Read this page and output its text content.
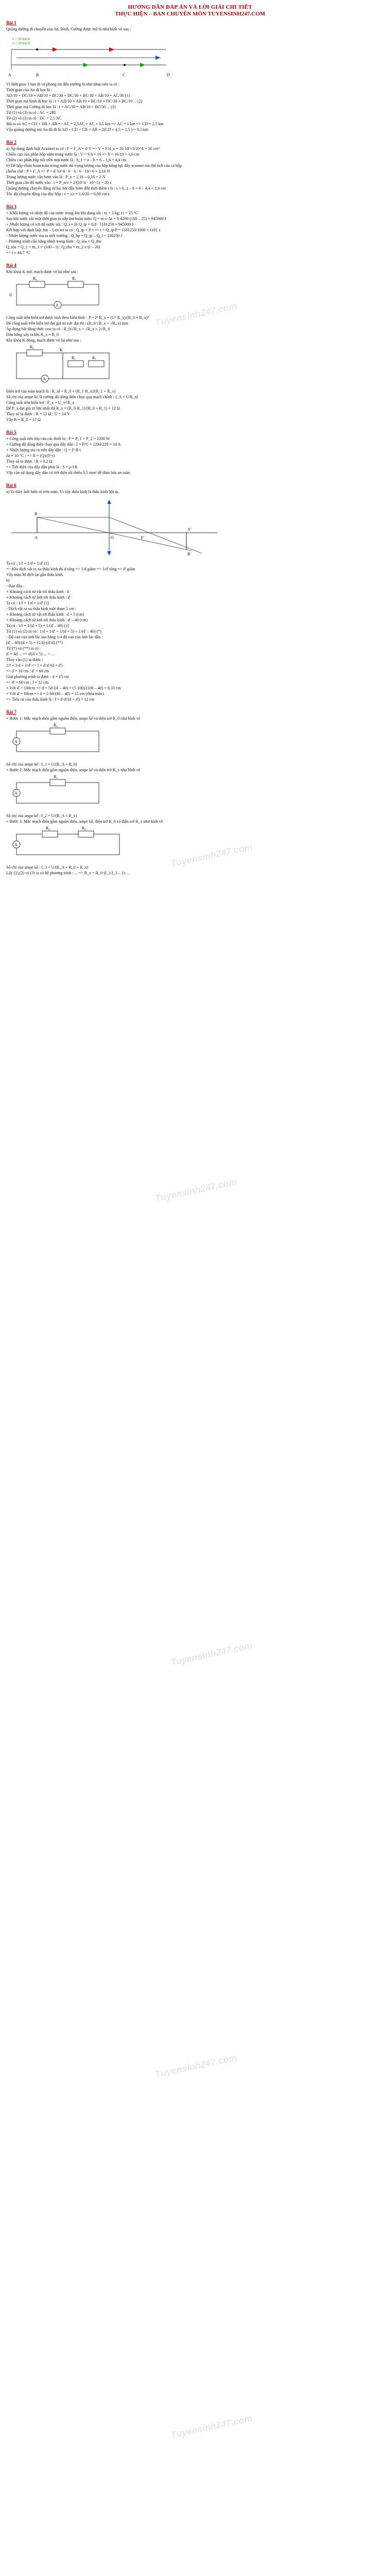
Tuyensinh247.com
Tuyensinh247.com
Tuyensinh247.com
Tuyensinh247.com
Tuyensinh247.com
Tuyensinh247.com
HƯỚNG DẪN ĐÁP ÁN VÀ LỜI GIẢI CHI TIẾT
THỰC HIỆN – BAN CHUYÊN MÔN TUYENSINH247.COM
Bài 1

Quãng đường đi chuyển của An, Bình, Cường được mô tả như hình vẽ sau :

v = 10 km/h
v = 30 km/h
A	B	C	D

Vì thời gian 3 bạn đi và phòng tin đến trường là như nhau nên ta có :

Thời gian của An đi học là :

AD/10 = DC/10 + AB/10 = BC/30 + DC/30 + BC/30 + AB/10 = AC/30 (1)

Thời gian mà bình đi học là : t = AD/10 = AB/10 + BC/10 + DC/30 + BC/10 ... (2)

Thời gian mà Cường đi học là : t = AC/30 = AB/10 + BC/30 ... (3)

Từ (1) và (3) ta có : AC = 2BI

Từ (2) và (3) ta có : DC = 2,5 AC

Mà ta có AC = CD + DB + AB => AC = 2,5AC + AC + 0,5 km => AC = 1 km => CD = 2,5 km

Vậy quãng đường mà An đã đi là AD = CD + CB + AB = 2(CD + 4,5 + 2,5 ) = 9,5 km

Bài 2

a) Áp dụng định luật Acsimet ta có : F = F_A = d·V => V = F/d_n = 16·10^-3/10^4 = 16 cm³

Chiều cao của phần hộp nằm trong nước là : V = S.h = 16 => h = 16/10 = 1,6 cm

Chiều cao phần hộp nổi trên mặt nước là : h_1 = a – h = 6 – 1,6 = 4,4 cm

b) Để hộp chìm hoàn toàn trong nước thì trọng lượng của hộp bằng lực đẩy acsimet mà thể tích của cả hộp

chiếm chỗ : P = F_A => P = d·10^4 · 6 · 6 · 6 · 10^-6 = 2,16 N

Trọng lượng nước cần bơm vào là : P_n = 2,16 – 0,16 = 2 N

Thời gian cần đổ nước vào : t = P_n/v = 2/(10^4 · 10^-5) = 20 s

Quãng đường chuyển động từ lúc bắt đầu bơm đến thời điểm t là : s = h_1 – h = 6 – 4,4 = 1,6 cm

Tốc độ chuyển động của đáy hộp : v = s/t = 1,6/20 = 0,08 cm/s

Bài 3

+ Khối lượng và nhiệt độ của nước trong ấm khi đang sôi : m = 3 kg; t1 = 25 °C

Sau khi nước sôi một thời gian ta nắp ấm hoàn toàn: Q = m·c·Δt = 3·4200·(100 – 25) = 945000 J

+ Nhiệt lượng có ích để nước sôi : Q_i = H·Q_tp = 0,8 · 1181250 = 945000 J

Kết hợp với định luật Jun – Len xơ ta có : Q_tp = P·t => t = Q_tp/P = 1181250/1000 ≈ 1181 s

- Nhiệt lượng nước tỏa ra môi trường : Q_hp = Q_tp – Q_i = 236250 J

- Phương trình cân bằng nhiệt trong bình : Q_toa = Q_thu

Q_toa = Q_1 = m_1·c·(100 – t) ; Q_thu = m_2·c·(t – 20)

=> t ≈ 44,7 °C

Bài 4

Khi khóa K mở, mạch được vẽ lại như sau :

A
R₀	Rₓ
U

Công suất trên biến trở được tính theo biểu thức : P = I²·R_x = (U²·R_x)/(R_0 + R_x)²

Để công suất trên biến trở đạt giá trị cực đại thì : (R_0/√R_x + √R_x) min

Áp dụng bất đẳng thức cosi ta có : R_0/√R_x + √R_x ≥ 2√R_0

Dấu bằng xảy ra khi R_x = R_0

Khi khóa K đóng, mạch được vẽ lại như sau :

A
R₀
R₁	Rₓ
K

Điện trở của toàn mạch là : R_td = R_0 + (R_1·R_x)/(R_1 + R_x)

Số chỉ của ampe kế là cường độ dòng điện chạy qua mạch chính : I_A = U/R_td

Công suất trên biến trở : P_x = U_x²/R_x

Để P_x đạt giá trị lớn nhất thì R_x = (R_0·R_1)/(R_0 + R_1) = 12 Ω

Thay số ta được : R = 12 Ω ; U = 24 V

Vậy R = R_0 = 12 Ω

Bài 5

+ Công suất tiêu thụ của các thiết bị : P = P_1 + P_2 = 2200 W

+ Cường độ dòng điện chạy qua dây dẫn : I = P/U = 2200/220 = 10 A

+ Nhiệt lượng tỏa ra trên dây dẫn : Q = I²·R·t

Δt = 10 °C ; => R = (Q)/(I²·t)

Thay số ta được : R ≈ 0,2 Ω

=> Tiết diện của dây dẫn phải là : S = ρ·l/R

Vậy cần sử dụng dây dẫn có tiết diện tối thiểu 0,5 mm² để đảm bảo an toàn.

Bài 6

a) Ta thấy ảnh hiện rõ trên màn. Vì vậy thấu kính là thấu kính hội tụ.

A
B
O	F'
A'
B'

Ta có : 1/f = 1/d + 1/d' (1)

=> Khi dịch vật ra xa thấu kính thì d tăng => 1/d giảm => 1/d' tăng => d' giảm

Vậy màn M dịch lại gần thấu kính.

b)

- Ban đầu :

+ Khoảng cách từ vật tới thấu kính : d

+ Khoảng cách từ ảnh tới thấu kính : d'

Ta có : 1/f = 1/d + 1/d' (1)

- Dịch vật ra xa thấu kính một đoạn 5 cm :

+ Khoảng cách từ vật tới thấu kính : d + 5 (cm)

+ Khoảng cách từ ảnh tới thấu kính : d' – 40 (cm)

Ta có : 1/f = 1/(d + 5) + 1/(d' – 40) (2)

Từ (1) và (2) ta có : 1/d + 1/d' = 1/(d + 5) + 1/(d' – 40) (*)

- Độ cao của ảnh lúc sau bằng 1/4 độ cao của ảnh lúc đầu :

(d' – 40)/(d + 5) = (1/4)·(d'/d) (**)

Từ (*) và (**) ta có :

d' = 4d ... => d'(d + 5)·... = ...

Thay vào (1) ta được :

1/f = 1/d + 1/d' => f = d·d'/(d + d')

=> d = 10 cm ; d' = 60 cm

Giải phương trình ta được : d = 15 cm

=> d' = 60 cm ; f = 12 cm

+ Với d' = 100cm => d = 5d'/(d' – 40) = (5·100)/(100 – 40) = 8,33 cm

+ Với d' = 60cm => d = 5·60/(60 – 40) = 15 cm (thỏa mãn)

=> Tiêu cự của thấu kính là : f = d·d'/(d + d') = 12 cm

Bài 7

+ Bước 1: Mắc mạch điện gồm nguồn điện, ampe kế và điện trở R_0 như hình vẽ

A
R₀

Số chỉ của ampe kế : I_1 = U/(R_A + R_0)

+ Bước 2: Mắc mạch điện gồm nguồn điện, ampe kế và điện trở R_x như hình vẽ

A
Rₓ

Số chỉ của ampe kế : I_2 = U/(R_A + R_x)

+ Bước 3: Mắc mạch điện gồm nguồn điện, ampe kế, điện trở R_0 và điện trở R_x như hình vẽ

A
R₀	Rₓ

Số chỉ của ampe kế : I_3 = U/(R_A + R_0 + R_x)

Lấy (1),(2) và (3) ta có hệ phương trình : ... => R_x = R_0·(I_1/I_3 – 1)·...
